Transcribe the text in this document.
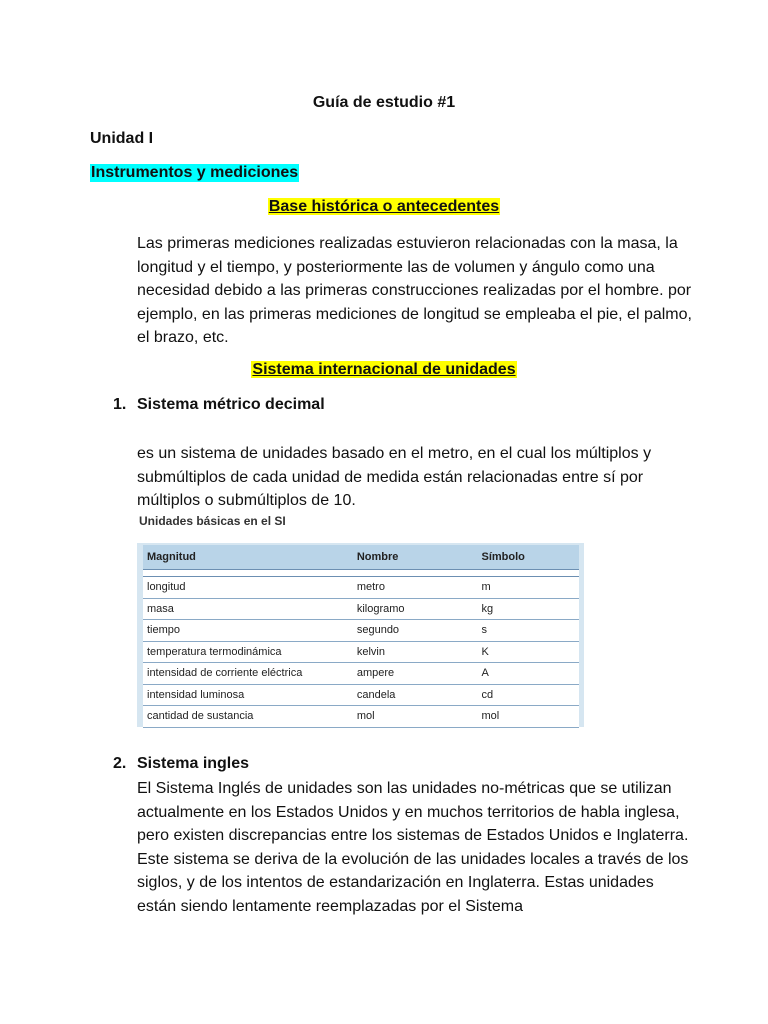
Guía de estudio #1
Unidad I
Instrumentos y mediciones
Base histórica o antecedentes
Las primeras mediciones realizadas estuvieron relacionadas con la masa, la longitud y el tiempo, y posteriormente las de volumen y ángulo como una necesidad debido a las primeras construcciones realizadas por el hombre. por ejemplo, en las primeras mediciones de longitud se empleaba el pie, el palmo, el brazo, etc.
Sistema internacional de unidades
1. Sistema métrico decimal
es un sistema de unidades basado en el metro, en el cual los múltiplos y submúltiplos de cada unidad de medida están relacionadas entre sí por múltiplos o submúltiplos de 10.
Unidades básicas en el SI
Magnitud	Nombre	Símbolo

longitud	metro	m
masa	kilogramo	kg
tiempo	segundo	s
temperatura termodinámica	kelvin	K
intensidad de corriente eléctrica	ampere	A
intensidad luminosa	candela	cd
cantidad de sustancia	mol	mol
2. Sistema ingles
El Sistema Inglés de unidades son las unidades no-métricas que se utilizan actualmente en los Estados Unidos y en muchos territorios de habla inglesa, pero existen discrepancias entre los sistemas de Estados Unidos e Inglaterra. Este sistema se deriva de la evolución de las unidades locales a través de los siglos, y de los intentos de estandarización en Inglaterra. Estas unidades están siendo lentamente reemplazadas por el Sistema
